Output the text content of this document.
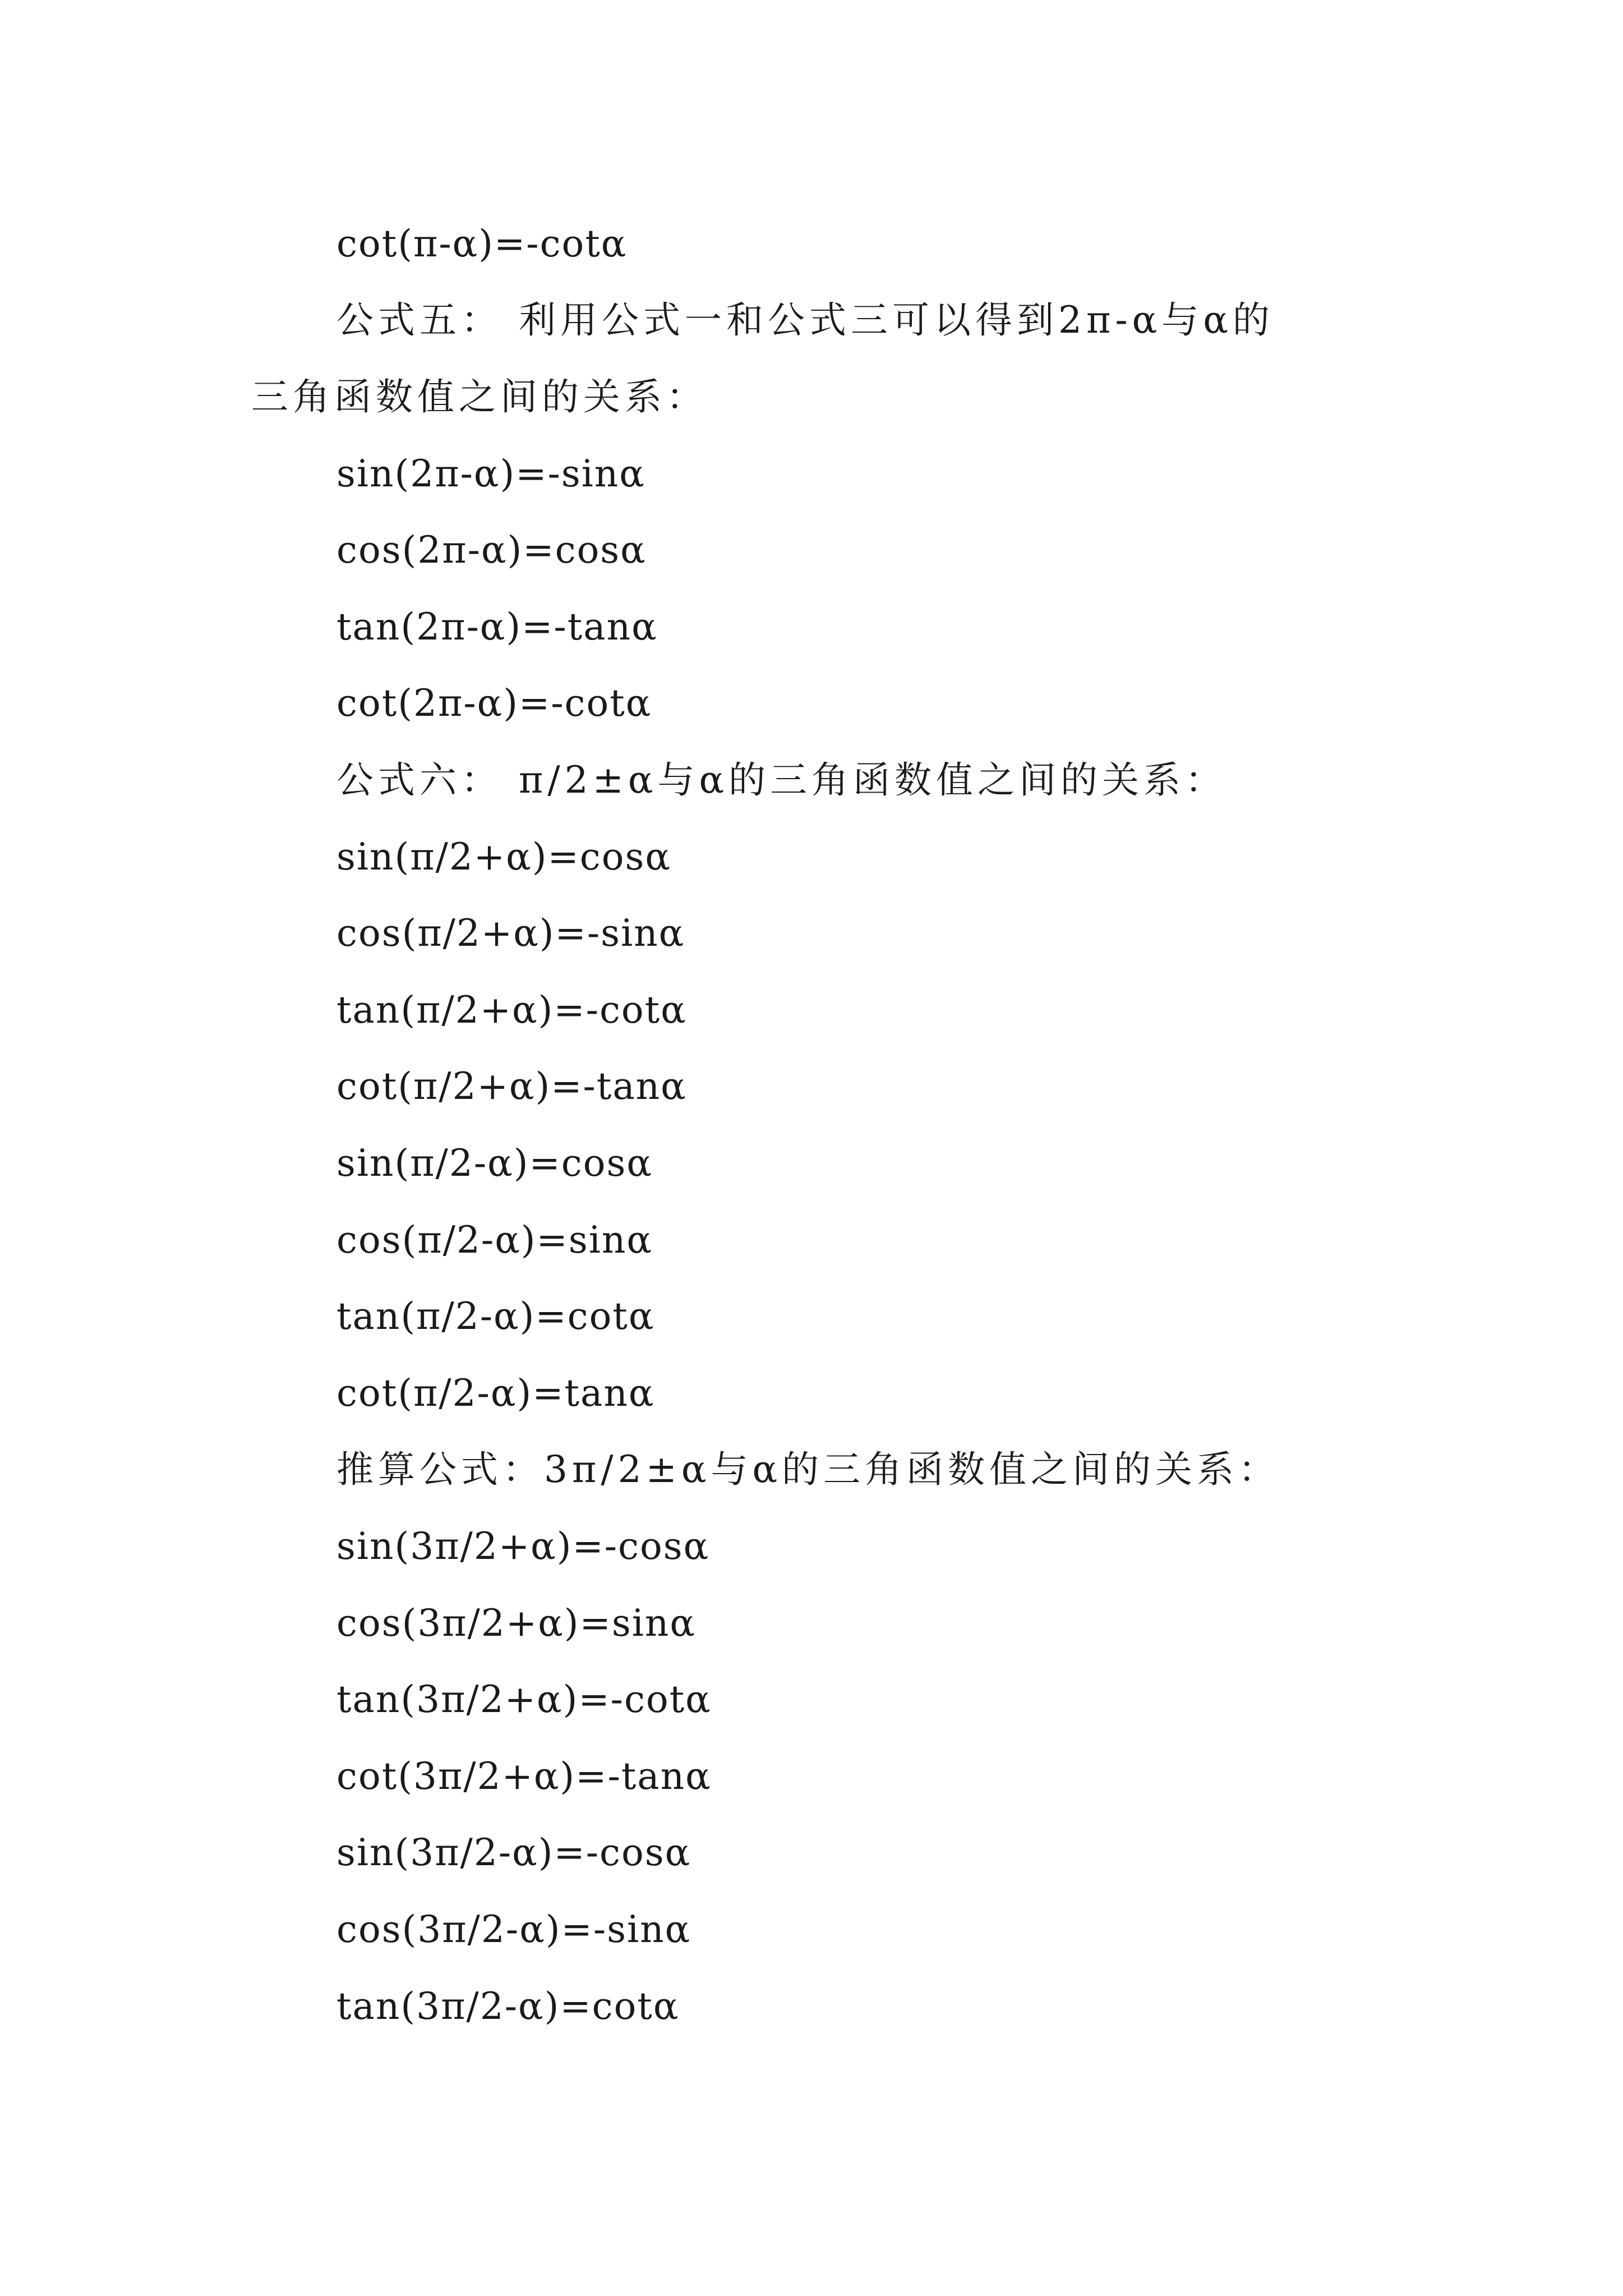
cot(π-α)=-cotα
公式五： 利用公式一和公式三可以得到2π-α与α的
三角函数值之间的关系：
sin(2π-α)=-sinα
cos(2π-α)=cosα
tan(2π-α)=-tanα
cot(2π-α)=-cotα
公式六： π/2±α与α的三角函数值之间的关系：
sin(π/2+α)=cosα
cos(π/2+α)=-sinα
tan(π/2+α)=-cotα
cot(π/2+α)=-tanα
sin(π/2-α)=cosα
cos(π/2-α)=sinα
tan(π/2-α)=cotα
cot(π/2-α)=tanα
推算公式：3π/2±α与α的三角函数值之间的关系：
sin(3π/2+α)=-cosα
cos(3π/2+α)=sinα
tan(3π/2+α)=-cotα
cot(3π/2+α)=-tanα
sin(3π/2-α)=-cosα
cos(3π/2-α)=-sinα
tan(3π/2-α)=cotα
